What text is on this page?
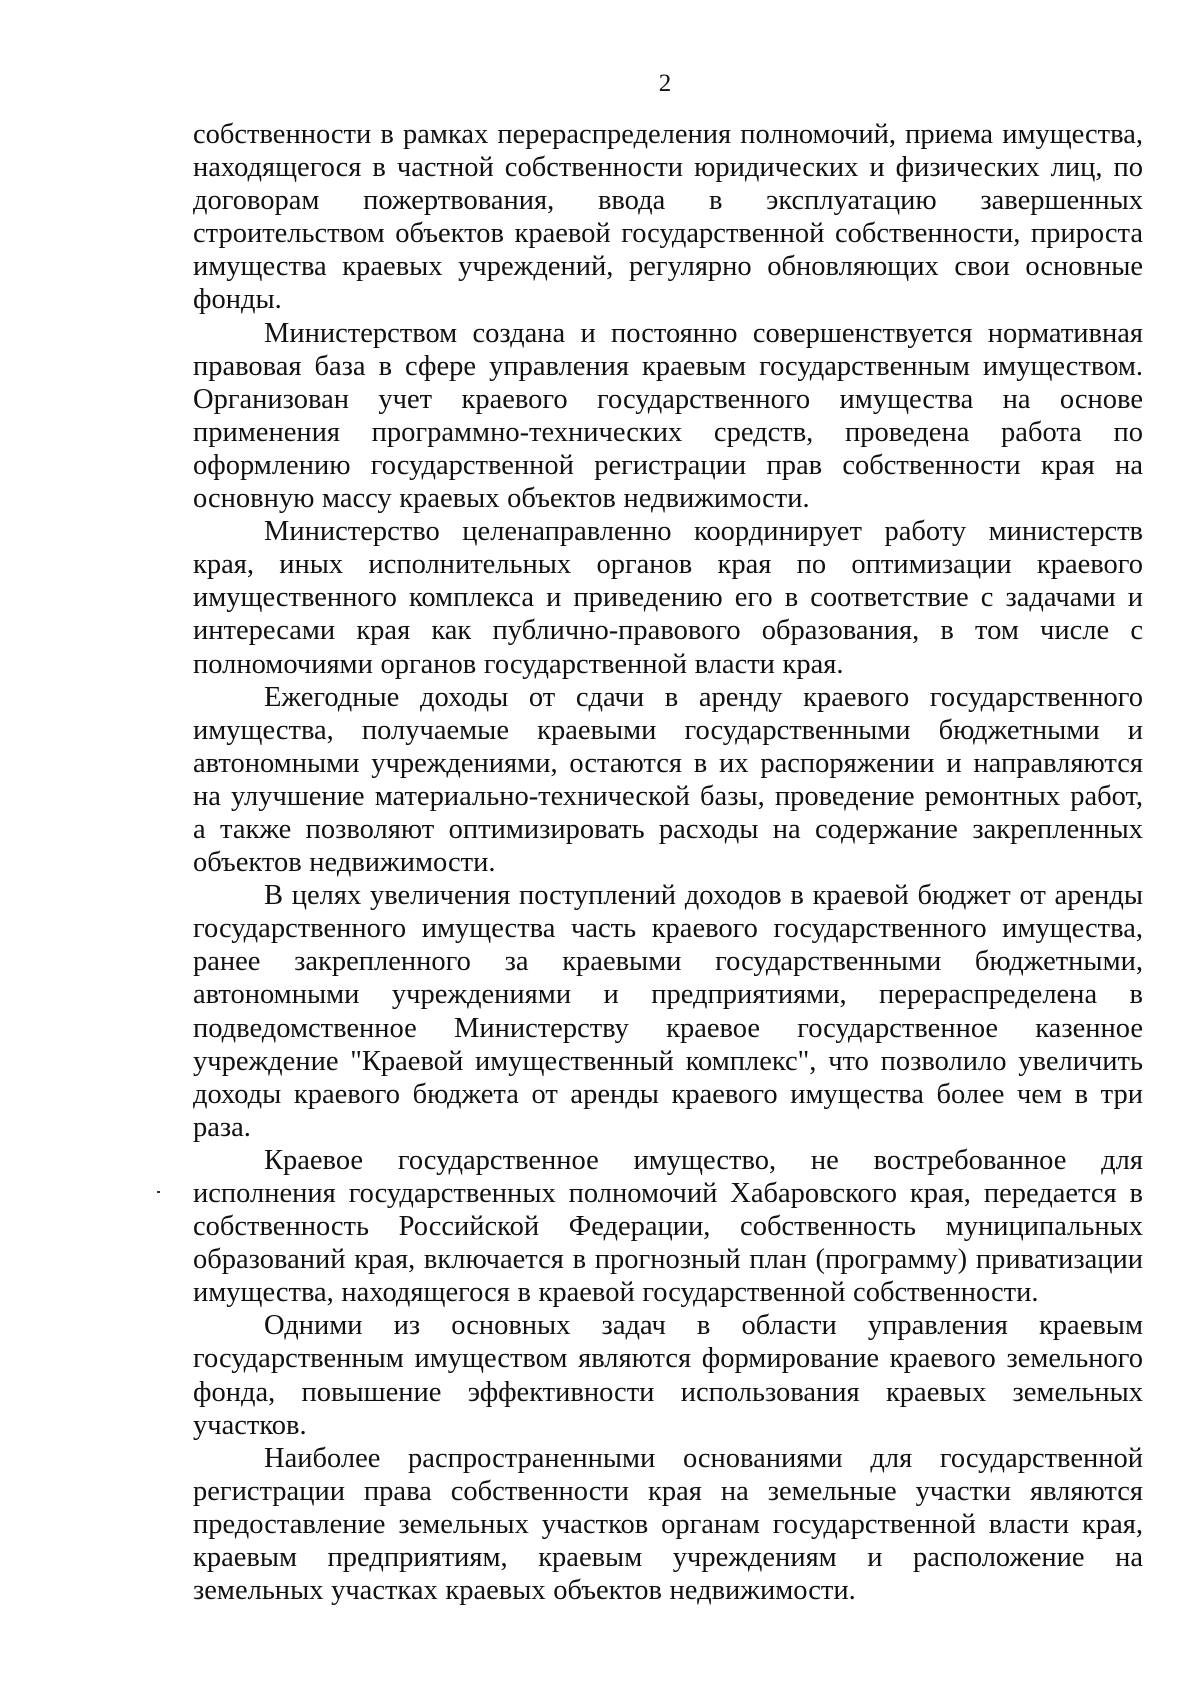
2

собственности в рамках перераспределения полномочий, приема имущества, находящегося в частной собственности юридических и физических лиц, по договорам пожертвования, ввода в эксплуатацию завершенных строительством объектов краевой государственной собственности, прироста имущества краевых учреждений, регулярно обновляющих свои основные фонды.

Министерством создана и постоянно совершенствуется нормативная правовая база в сфере управления краевым государственным имуществом. Организован учет краевого государственного имущества на основе применения программно-технических средств, проведена работа по оформлению государственной регистрации прав собственности края на основную массу краевых объектов недвижимости.

Министерство целенаправленно координирует работу министерств края, иных исполнительных органов края по оптимизации краевого имущественного комплекса и приведению его в соответствие с задачами и интересами края как публично-правового образования, в том числе с полномочиями органов государственной власти края.

Ежегодные доходы от сдачи в аренду краевого государственного имущества, получаемые краевыми государственными бюджетными и автономными учреждениями, остаются в их распоряжении и направляются на улучшение материально-технической базы, проведение ремонтных работ, а также позволяют оптимизировать расходы на содержание закрепленных объектов недвижимости.

В целях увеличения поступлений доходов в краевой бюджет от аренды государственного имущества часть краевого государственного имущества, ранее закрепленного за краевыми государственными бюджетными, автономными учреждениями и предприятиями, перераспределена в подведомственное Министерству краевое государственное казенное учреждение "Краевой имущественный комплекс", что позволило увеличить доходы краевого бюджета от аренды краевого имущества более чем в три раза.

Краевое государственное имущество, не востребованное для исполнения государственных полномочий Хабаровского края, передается в собственность Российской Федерации, собственность муниципальных образований края, включается в прогнозный план (программу) приватизации имущества, находящегося в краевой государственной собственности.

Одними из основных задач в области управления краевым государственным имуществом являются формирование краевого земельного фонда, повышение эффективности использования краевых земельных участков.

Наиболее распространенными основаниями для государственной регистрации права собственности края на земельные участки являются предоставление земельных участков органам государственной власти края, краевым предприятиям, краевым учреждениям и расположение на земельных участках краевых объектов недвижимости.
